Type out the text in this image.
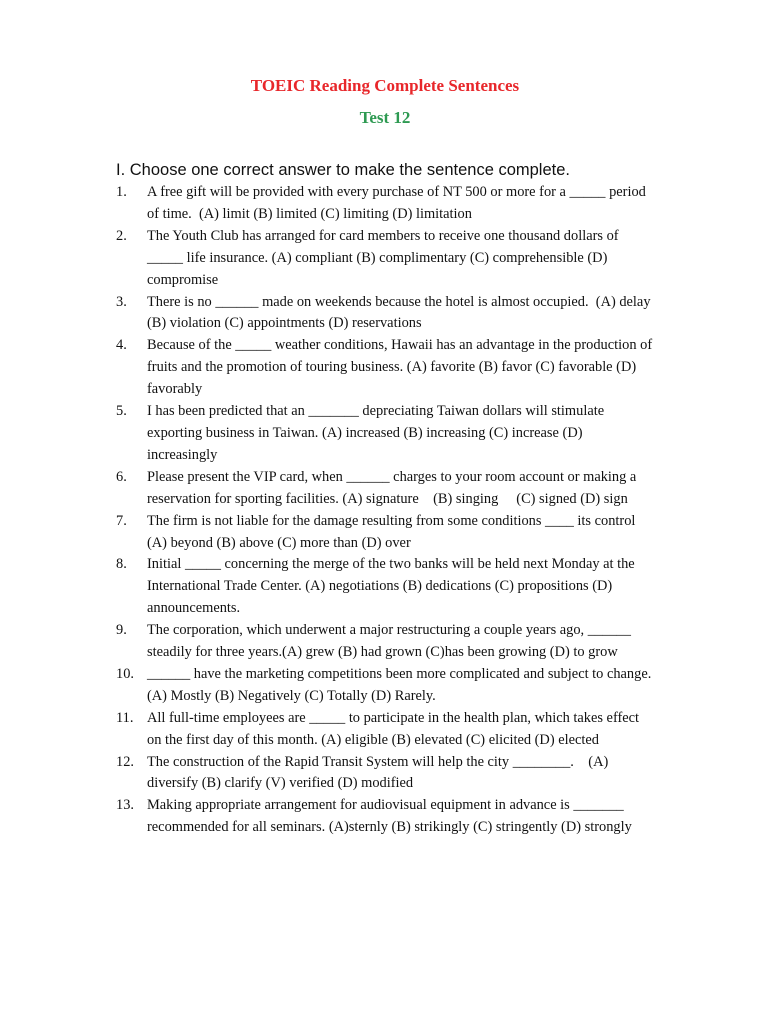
TOEIC Reading Complete Sentences
Test 12
I. Choose one correct answer to make the sentence complete.
1.	A free gift will be provided with every purchase of NT 500 or more for a _____ period of time.  (A) limit (B) limited (C) limiting (D) limitation
2.	The Youth Club has arranged for card members to receive one thousand dollars of _____ life insurance. (A) compliant (B) complimentary (C) comprehensible (D) compromise
3.	There is no ______ made on weekends because the hotel is almost occupied.  (A) delay (B) violation (C) appointments (D) reservations
4.	Because of the _____ weather conditions, Hawaii has an advantage in the production of fruits and the promotion of touring business. (A) favorite (B) favor (C) favorable (D) favorably
5.	I has been predicted that an _______ depreciating Taiwan dollars will stimulate exporting business in Taiwan. (A) increased (B) increasing (C) increase (D) increasingly
6.	Please present the VIP card, when ______ charges to your room account or making a reservation for sporting facilities. (A) signature    (B) singing     (C) signed (D) sign
7.	The firm is not liable for the damage resulting from some conditions ____ its control (A) beyond (B) above (C) more than (D) over
8.	Initial _____ concerning the merge of the two banks will be held next Monday at the International Trade Center. (A) negotiations (B) dedications (C) propositions (D) announcements.
9.	The corporation, which underwent a major restructuring a couple years ago, ______ steadily for three years.(A) grew (B) had grown (C)has been growing (D) to grow
10. ______ have the marketing competitions been more complicated and subject to change. (A) Mostly (B) Negatively (C) Totally (D) Rarely.
11. All full-time employees are _____ to participate in the health plan, which takes effect on the first day of this month. (A) eligible (B) elevated (C) elicited (D) elected
12. The construction of the Rapid Transit System will help the city ________.    (A) diversify (B) clarify (V) verified (D) modified
13. Making appropriate arrangement for audiovisual equipment in advance is _______ recommended for all seminars. (A)sternly (B) strikingly (C) stringently (D) strongly
